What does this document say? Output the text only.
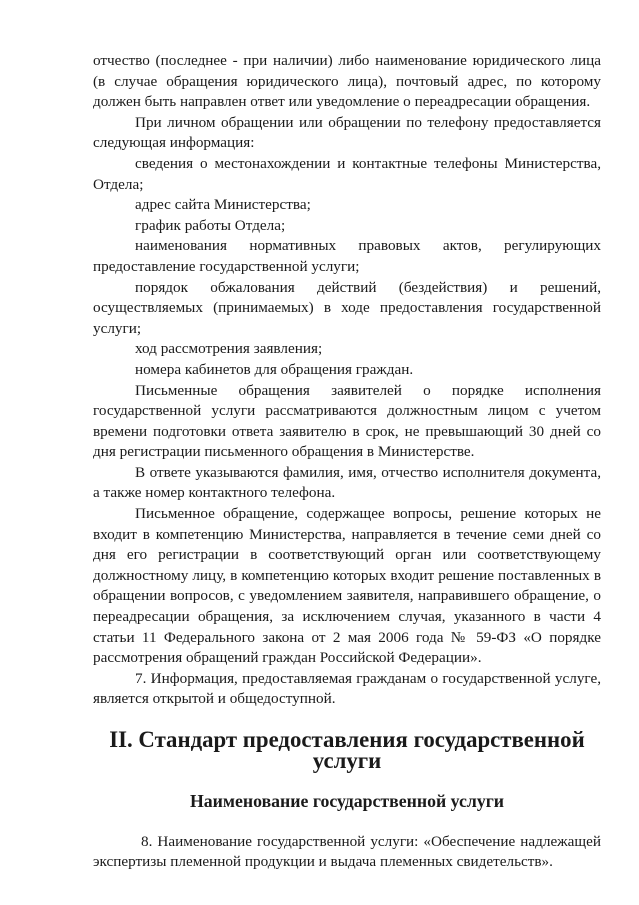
отчество (последнее - при наличии) либо наименование юридического лица (в случае обращения юридического лица), почтовый адрес, по которому должен быть направлен ответ или уведомление о переадресации обращения.

При личном обращении или обращении по телефону предоставляется следующая информация:

сведения о местонахождении и контактные телефоны Министерства, Отдела;

адрес сайта Министерства;

график работы Отдела;

наименования нормативных правовых актов, регулирующих предоставление государственной услуги;

порядок обжалования действий (бездействия) и решений, осуществляемых (принимаемых) в ходе предоставления государственной услуги;

ход рассмотрения заявления;

номера кабинетов для обращения граждан.

Письменные обращения заявителей о порядке исполнения государственной услуги рассматриваются должностным лицом с учетом времени подготовки ответа заявителю в срок, не превышающий 30 дней со дня регистрации письменного обращения в Министерстве.

В ответе указываются фамилия, имя, отчество исполнителя документа, а также номер контактного телефона.

Письменное обращение, содержащее вопросы, решение которых не входит в компетенцию Министерства, направляется в течение семи дней со дня его регистрации в соответствующий орган или соответствующему должностному лицу, в компетенцию которых входит решение поставленных в обращении вопросов, с уведомлением заявителя, направившего обращение, о переадресации обращения, за исключением случая, указанного в части 4 статьи 11 Федерального закона от 2 мая 2006 года № 59-ФЗ «О порядке рассмотрения обращений граждан Российской Федерации».

7. Информация, предоставляемая гражданам о государственной услуге, является открытой и общедоступной.

II. Стандарт предоставления государственной услуги
Наименование государственной услуги

8. Наименование государственной услуги: «Обеспечение надлежащей экспертизы племенной продукции и выдача племенных свидетельств».
